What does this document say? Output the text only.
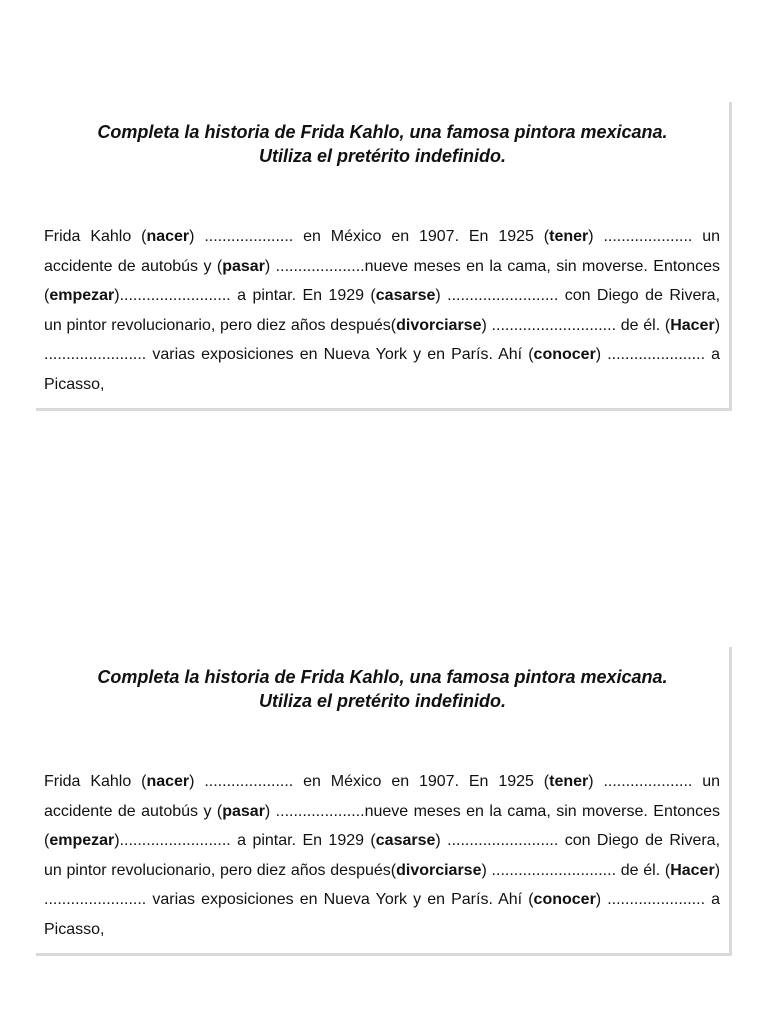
Completa la historia de Frida Kahlo, una famosa pintora mexicana.
Utiliza el pretérito indefinido.
Frida Kahlo (nacer) .................... en México en 1907. En 1925 (tener) .................... un accidente de autobús y (pasar) ....................nueve meses en la cama, sin moverse. Entonces (empezar)......................... a pintar. En 1929 (casarse) ......................... con Diego de Rivera, un pintor revolucionario, pero diez años después(divorciarse) ............................ de él. (Hacer) ....................... varias exposiciones en Nueva York y en París. Ahí (conocer) ...................... a Picasso,
Completa la historia de Frida Kahlo, una famosa pintora mexicana.
Utiliza el pretérito indefinido.
Frida Kahlo (nacer) .................... en México en 1907. En 1925 (tener) .................... un accidente de autobús y (pasar) ....................nueve meses en la cama, sin moverse. Entonces (empezar)......................... a pintar. En 1929 (casarse) ......................... con Diego de Rivera, un pintor revolucionario, pero diez años después(divorciarse) ............................ de él. (Hacer) ....................... varias exposiciones en Nueva York y en París. Ahí (conocer) ...................... a Picasso,
